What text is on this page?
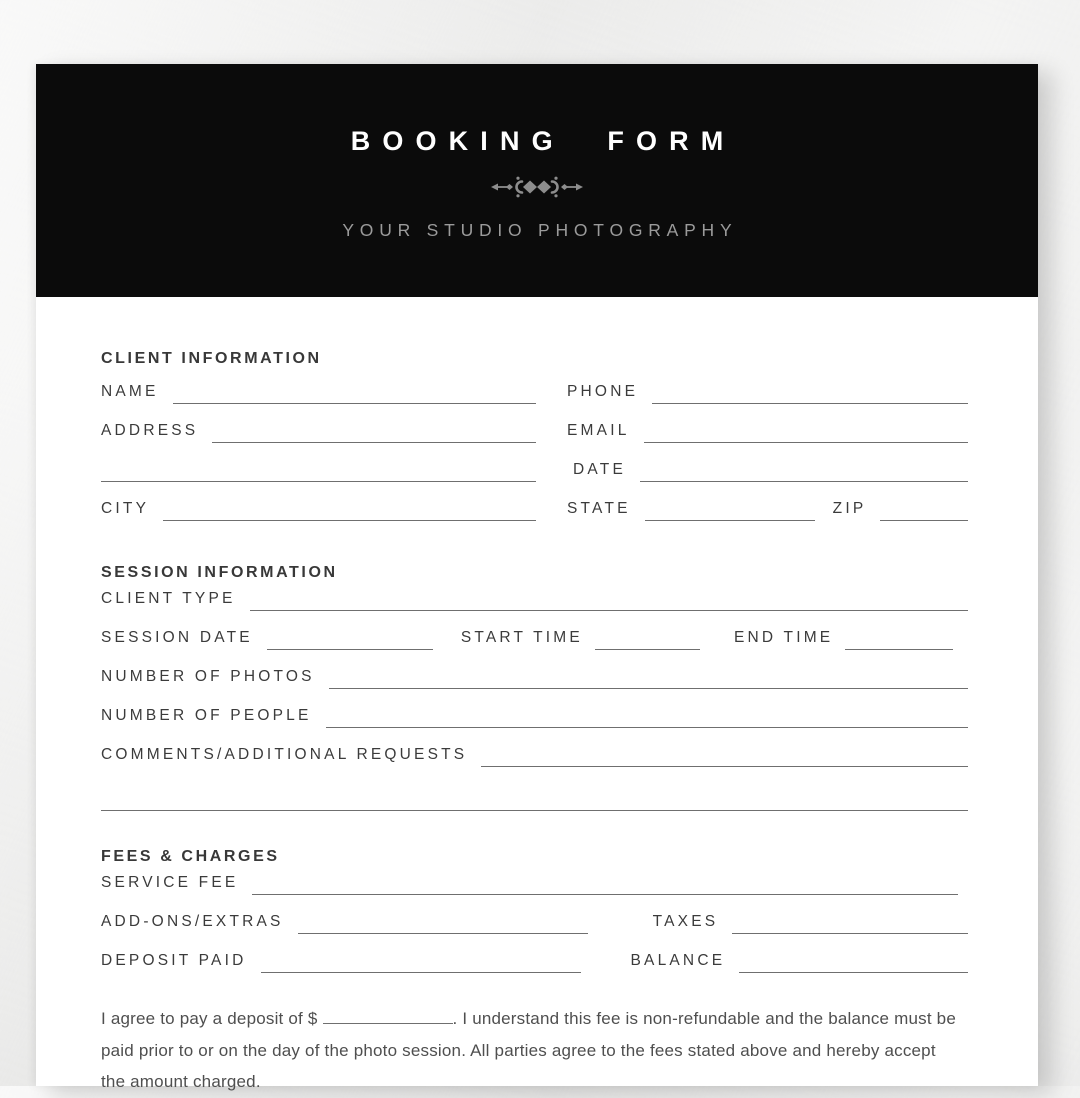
BOOKING FORM
YOUR STUDIO PHOTOGRAPHY
CLIENT INFORMATION
NAME	PHONE
ADDRESS	EMAIL
DATE
CITY	STATE	ZIP
SESSION INFORMATION
CLIENT TYPE
SESSION DATE	START TIME	END TIME
NUMBER OF PHOTOS
NUMBER OF PEOPLE
COMMENTS/ADDITIONAL REQUESTS
FEES & CHARGES
SERVICE FEE
ADD-ONS/EXTRAS	TAXES
DEPOSIT PAID	BALANCE

I agree to pay a deposit of $	. I understand this fee is non-refundable and the balance must be paid prior to or on the day of the photo session. All parties agree to the fees stated above and hereby accept the amount charged.
